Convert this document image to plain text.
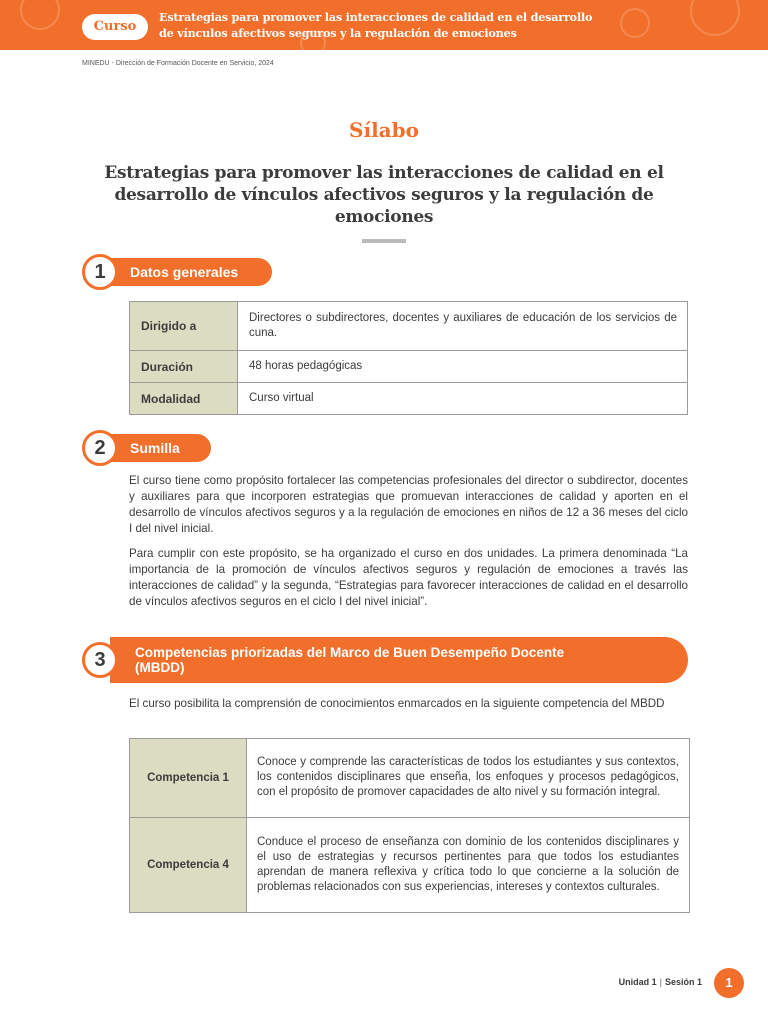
Curso
Estrategias para promover las interacciones de calidad en el desarrollo
de vínculos afectivos seguros y la regulación de emociones
MINEDU - Dirección de Formación Docente en Servicio, 2024
Sílabo
Estrategias para promover las interacciones de calidad en el
desarrollo de vínculos afectivos seguros y la regulación de
emociones
1	Datos generales
Dirigido a	Directores o subdirectores, docentes y auxiliares de educación de los servicios de cuna.
Duración	48 horas pedagógicas
Modalidad	Curso virtual
2	Sumilla
El curso tiene como propósito fortalecer las competencias profesionales del director o subdirector, docentes y auxiliares para que incorporen estrategias que promuevan interacciones de calidad y aporten en el desarrollo de vínculos afectivos seguros y a la regulación de emociones en niños de 12 a 36 meses del ciclo I del nivel inicial.
Para cumplir con este propósito, se ha organizado el curso en dos unidades. La primera denominada “La importancia de la promoción de vínculos afectivos seguros y regulación de emociones a través las interacciones de calidad” y la segunda, “Estrategias para favorecer interacciones de calidad en el desarrollo de vínculos afectivos seguros en el ciclo I del nivel inicial”.
3	Competencias priorizadas del Marco de Buen Desempeño Docente
(MBDD)
El curso posibilita la comprensión de conocimientos enmarcados en la siguiente competencia del MBDD
Competencia 1	Conoce y comprende las características de todos los estudiantes y sus contextos, los contenidos disciplinares que enseña, los enfoques y procesos pedagógicos, con el propósito de promover capacidades de alto nivel y su formación integral.
Competencia 4	Conduce el proceso de enseñanza con dominio de los contenidos disciplinares y el uso de estrategias y recursos pertinentes para que todos los estudiantes aprendan de manera reflexiva y crítica todo lo que concierne a la solución de problemas relacionados con sus experiencias, intereses y contextos culturales.
Unidad 1 | Sesión 1	1
